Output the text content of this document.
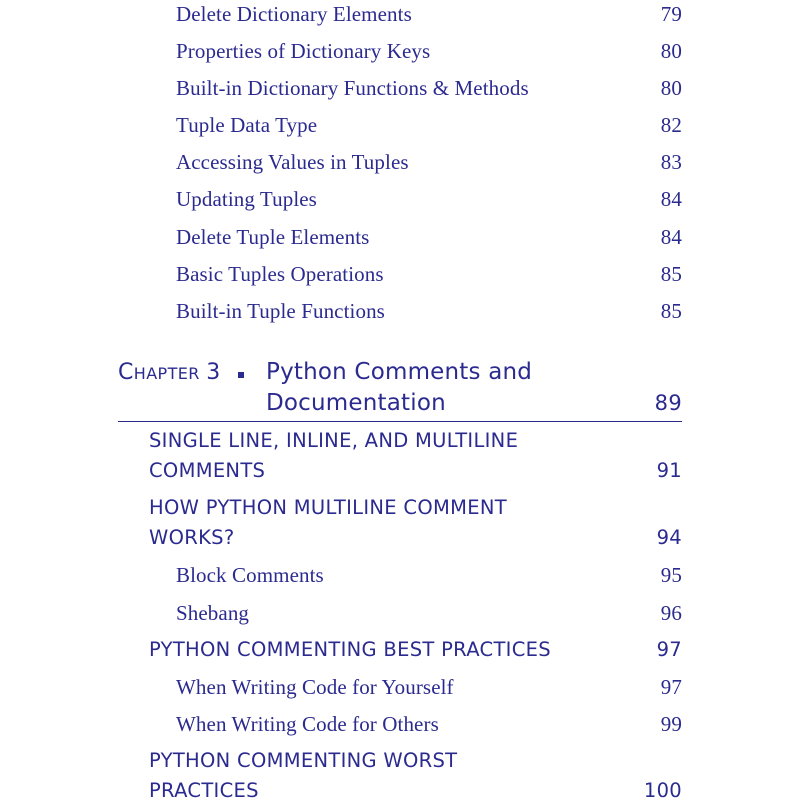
Delete Dictionary Elements	79
Properties of Dictionary Keys	80
Built-in Dictionary Functions & Methods	80
Tuple Data Type	82
Accessing Values in Tuples	83
Updating Tuples	84
Delete Tuple Elements	84
Basic Tuples Operations	85
Built-in Tuple Functions	85
CHAPTER 3 Python Comments and
Documentation	89
SINGLE LINE, INLINE, AND MULTILINE
COMMENTS	91
HOW PYTHON MULTILINE COMMENT
WORKS?	94
Block Comments	95
Shebang	96
PYTHON COMMENTING BEST PRACTICES	97
When Writing Code for Yourself	97
When Writing Code for Others	99
PYTHON COMMENTING WORST
PRACTICES	100
